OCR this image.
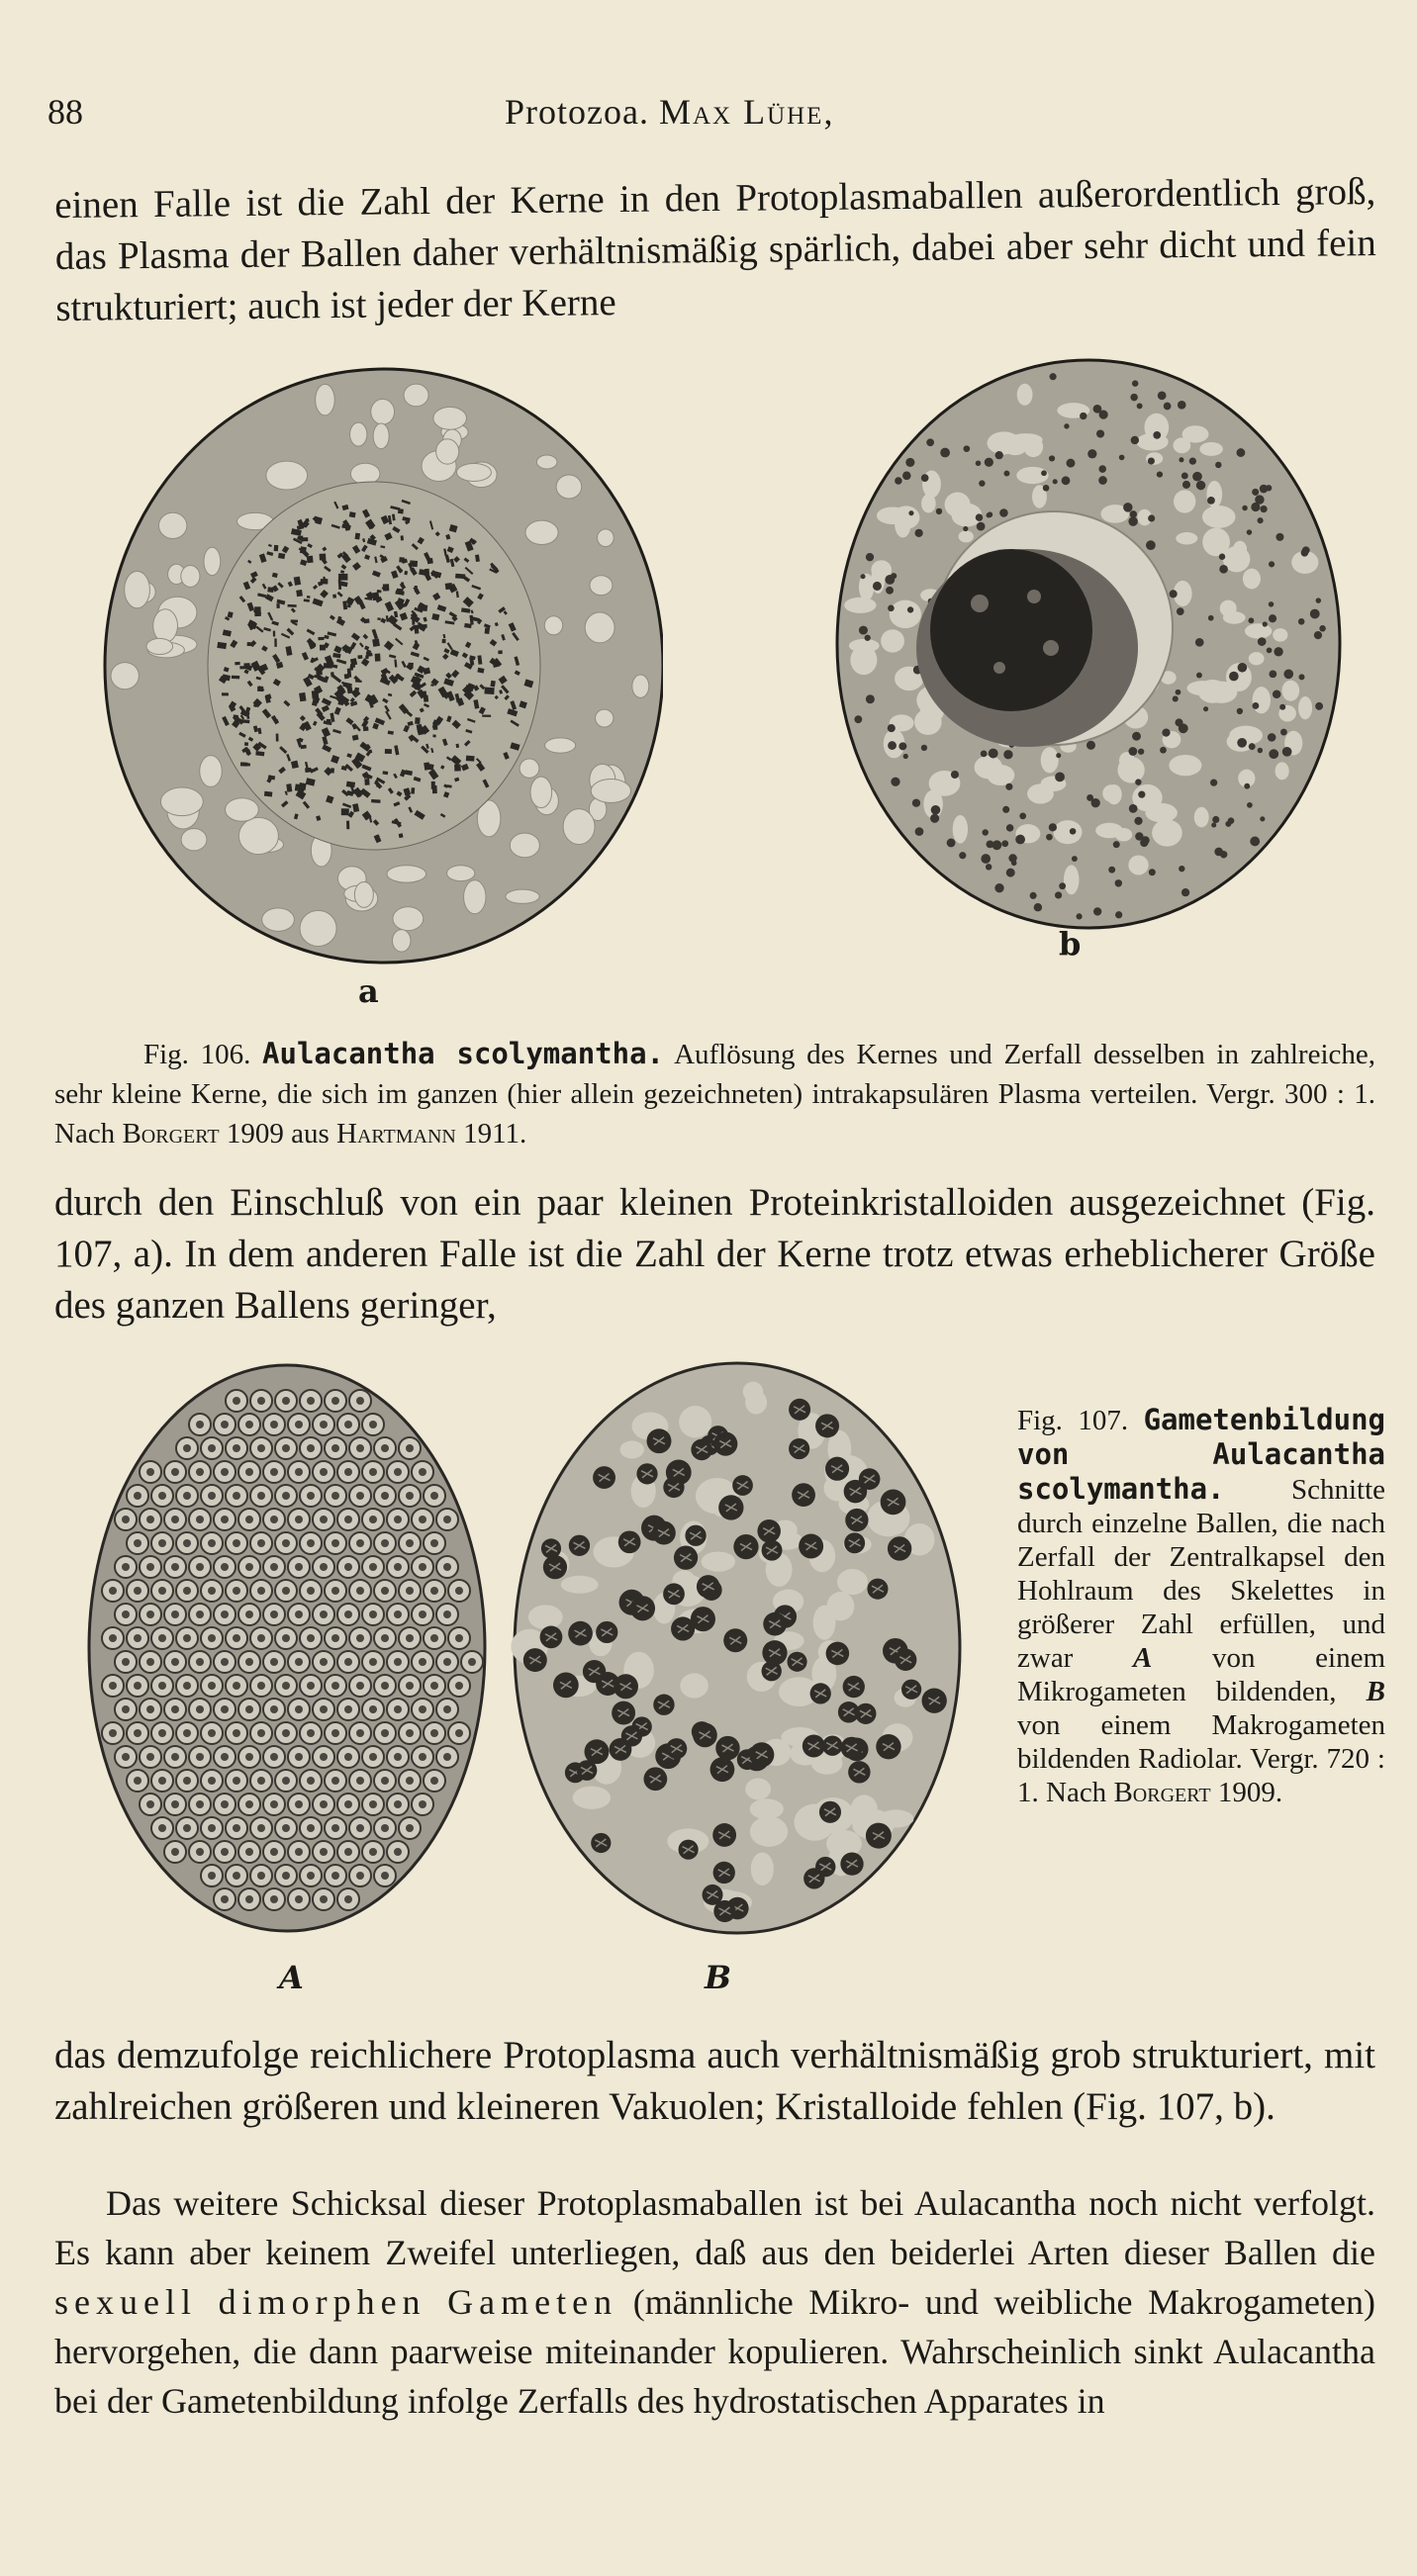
88	Protozoa. Max Lühe,
einen Falle ist die Zahl der Kerne in den Protoplasmaballen außerordentlich groß, das Plasma der Ballen daher verhältnismäßig spärlich, dabei aber sehr dicht und fein strukturiert; auch ist jeder der Kerne
a
b
Fig. 106. Aulacantha scolymantha. Auflösung des Kernes und Zerfall desselben in zahlreiche, sehr kleine Kerne, die sich im ganzen (hier allein gezeichneten) intrakapsulären Plasma verteilen. Vergr. 300 : 1. Nach Borgert 1909 aus Hartmann 1911.
durch den Einschluß von ein paar kleinen Proteinkristalloiden ausgezeichnet (Fig. 107, a). In dem anderen Falle ist die Zahl der Kerne trotz etwas erheblicherer Größe des ganzen Ballens geringer,
A	B
Fig. 107. Gametenbildung von Aulacantha scolymantha. Schnitte durch einzelne Ballen, die nach Zerfall der Zentralkapsel den Hohlraum des Skelettes in größerer Zahl erfüllen, und zwar A von einem Mikrogameten bildenden, B von einem Makrogameten bildenden Radiolar. Vergr. 720 : 1. Nach Borgert 1909.
das demzufolge reichlichere Protoplasma auch verhältnismäßig grob strukturiert, mit zahlreichen größeren und kleineren Vakuolen; Kristalloide fehlen (Fig. 107, b).
Das weitere Schicksal dieser Protoplasmaballen ist bei Aulacantha noch nicht verfolgt. Es kann aber keinem Zweifel unterliegen, daß aus den beiderlei Arten dieser Ballen die sexuell dimorphen Gameten (männliche Mikro- und weibliche Makrogameten) hervorgehen, die dann paarweise miteinander kopulieren. Wahrscheinlich sinkt Aulacantha bei der Gametenbildung infolge Zerfalls des hydrostatischen Apparates in
